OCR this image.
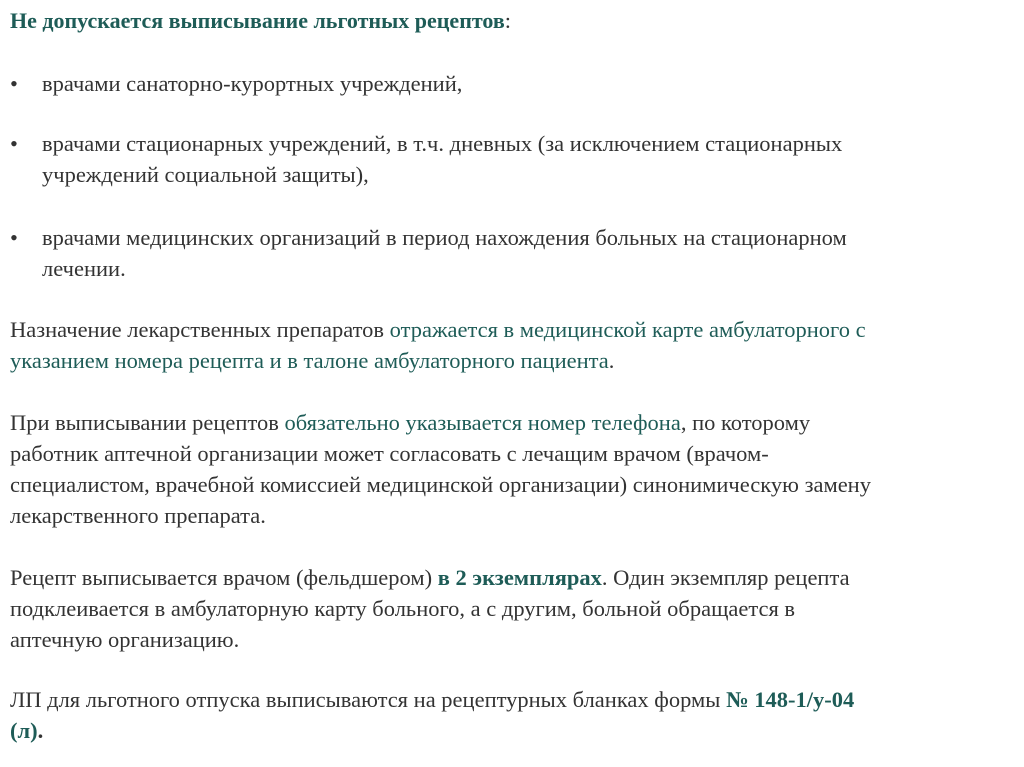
Не допускается выписывание льготных рецептов:
• врачами санаторно-курортных учреждений,
• врачами стационарных учреждений, в т.ч. дневных (за исключением стационарных
учреждений социальной защиты),
• врачами медицинских организаций в период нахождения больных на стационарном
лечении.
Назначение лекарственных препаратов отражается в медицинской карте амбулаторного с
указанием номера рецепта и в талоне амбулаторного пациента.
При выписывании рецептов обязательно указывается номер телефона, по которому
работник аптечной организации может согласовать с лечащим врачом (врачом-
специалистом, врачебной комиссией медицинской организации) синонимическую замену
лекарственного препарата.
Рецепт выписывается врачом (фельдшером) в 2 экземплярах. Один экземпляр рецепта
подклеивается в амбулаторную карту больного, а с другим, больной обращается в
аптечную организацию.
ЛП для льготного отпуска выписываются на рецептурных бланках формы № 148-1/у-04
(л).
